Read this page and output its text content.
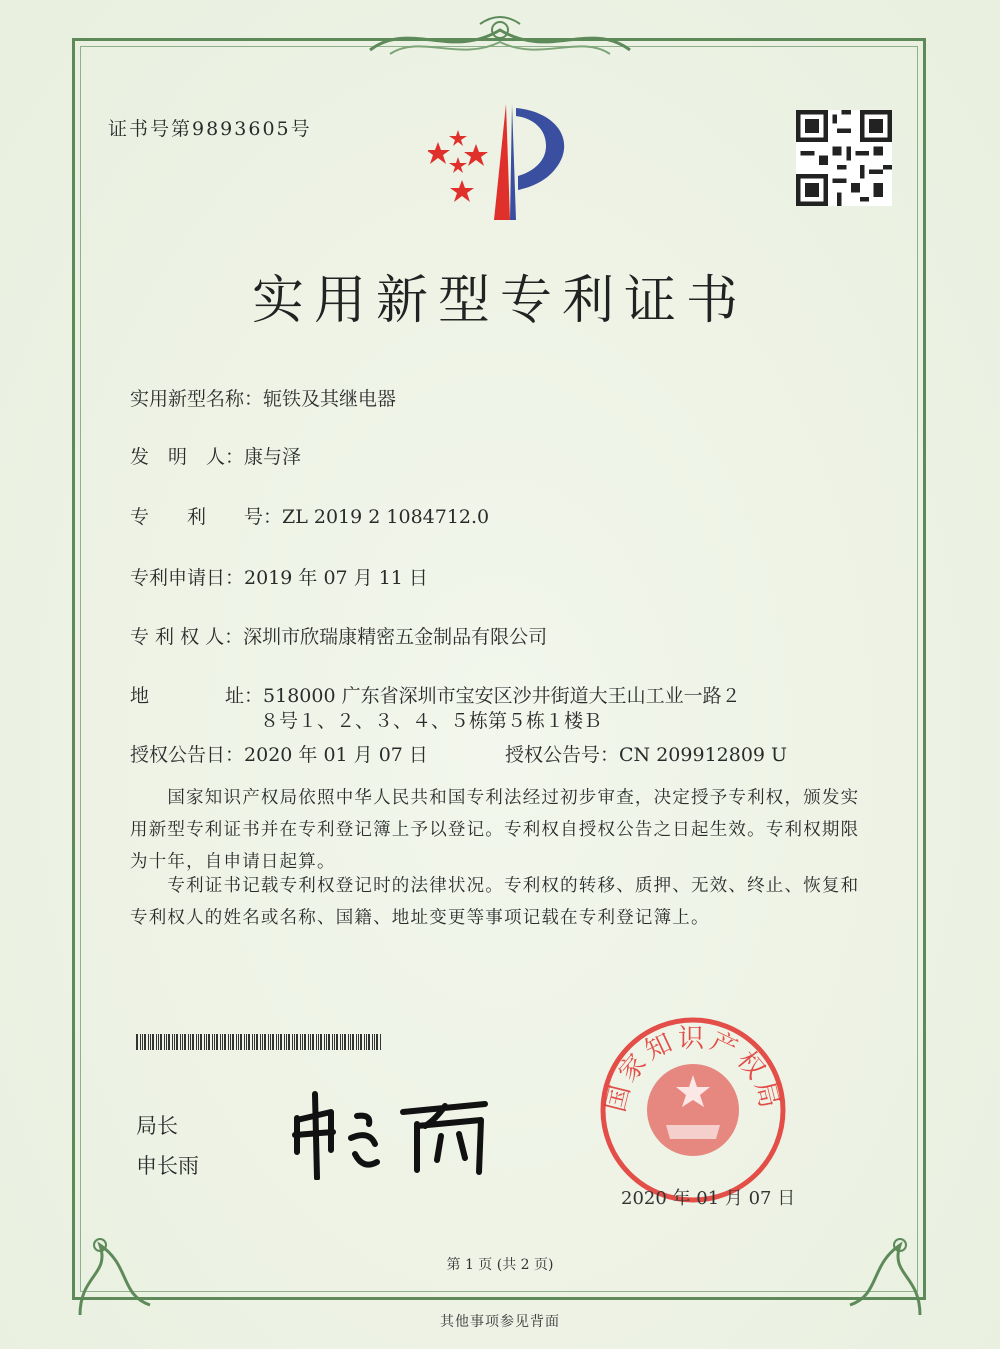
证书号第9893605号
实用新型专利证书
实用新型名称：轭铁及其继电器
发　明　人：康与泽
专　　利　　号：ZL 2019 2 1084712.0
专利申请日：2019 年 07 月 11 日
专 利 权 人：深圳市欣瑞康精密五金制品有限公司
地　　　　址：518000 广东省深圳市宝安区沙井街道大王山工业一路２
８号１、２、３、４、５栋第５栋１楼Ｂ
授权公告日：2020 年 01 月 07 日	授权公告号：CN 209912809 U
　　国家知识产权局依照中华人民共和国专利法经过初步审查，决定授予专利权，颁发实用新型专利证书并在专利登记簿上予以登记。专利权自授权公告之日起生效。专利权期限为十年，自申请日起算。
　　专利证书记载专利权登记时的法律状况。专利权的转移、质押、无效、终止、恢复和专利权人的姓名或名称、国籍、地址变更等事项记载在专利登记簿上。
局长
申长雨
国家知识产权局
2020 年 01 月 07 日
第 1 页 (共 2 页)
其他事项参见背面
